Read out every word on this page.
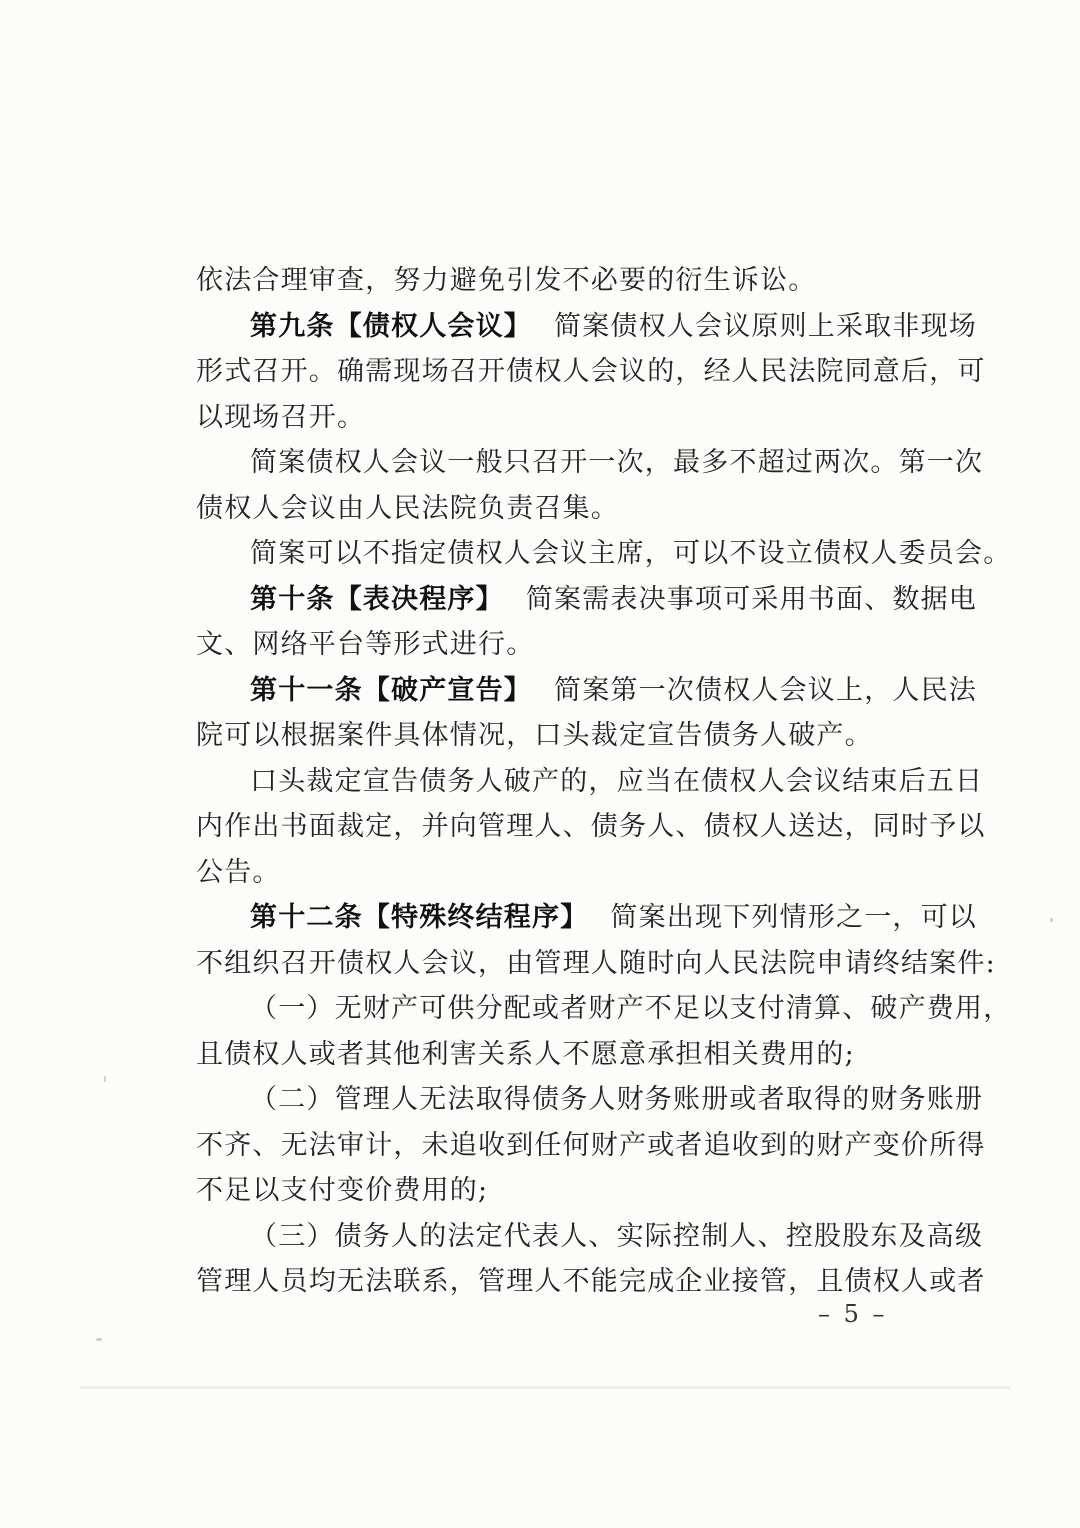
依法合理审查，努力避免引发不必要的衍生诉讼。
第九条【债权人会议】 简案债权人会议原则上采取非现场
形式召开。确需现场召开债权人会议的，经人民法院同意后，可
以现场召开。
简案债权人会议一般只召开一次，最多不超过两次。第一次
债权人会议由人民法院负责召集。
简案可以不指定债权人会议主席，可以不设立债权人委员会。
第十条【表决程序】 简案需表决事项可采用书面、数据电
文、网络平台等形式进行。
第十一条【破产宣告】 简案第一次债权人会议上，人民法
院可以根据案件具体情况，口头裁定宣告债务人破产。
口头裁定宣告债务人破产的，应当在债权人会议结束后五日
内作出书面裁定，并向管理人、债务人、债权人送达，同时予以
公告。
第十二条【特殊终结程序】 简案出现下列情形之一，可以
不组织召开债权人会议，由管理人随时向人民法院申请终结案件:
（一）无财产可供分配或者财产不足以支付清算、破产费用，
且债权人或者其他利害关系人不愿意承担相关费用的;
（二）管理人无法取得债务人财务账册或者取得的财务账册
不齐、无法审计，未追收到任何财产或者追收到的财产变价所得
不足以支付变价费用的;
（三）债务人的法定代表人、实际控制人、控股股东及高级
管理人员均无法联系，管理人不能完成企业接管，且债权人或者
– 5 –
